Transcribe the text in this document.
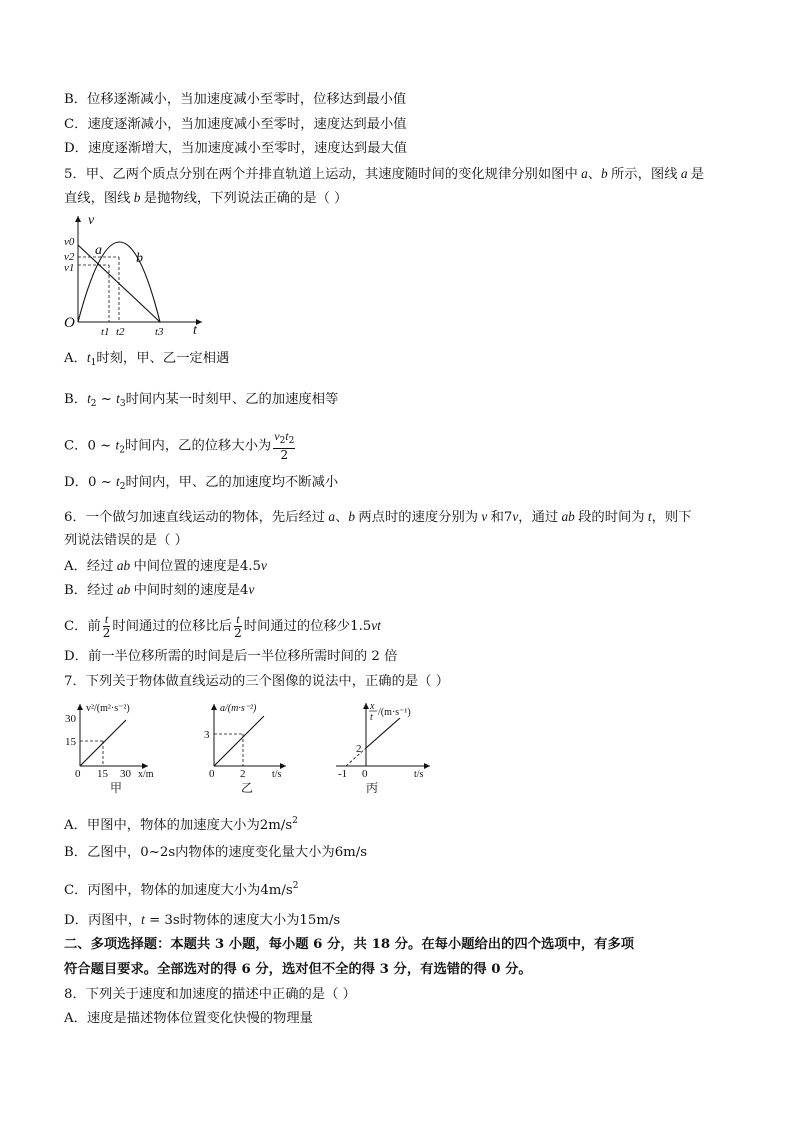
B．位移逐渐减小，当加速度减小至零时，位移达到最小值
C．速度逐渐减小，当加速度减小至零时，速度达到最小值
D．速度逐渐增大，当加速度减小至零时，速度达到最大值
5．甲、乙两个质点分别在两个并排直轨道上运动，其速度随时间的变化规律分别如图中 a、b 所示，图线 a 是
直线，图线 b 是抛物线，下列说法正确的是（ ）
v
t
O
v0
v2
v1
t1 t2	t3
a
b
A．$t_1$时刻，甲、乙一定相遇
B．$t_2$ ~ $t_3$时间内某一时刻甲、乙的加速度相等
C．0 ~ $t_2$时间内，乙的位移大小为 $\frac{v_2t_2}{2}$
D．0 ~ $t_2$时间内，甲、乙的加速度均不断减小
6．一个做匀加速直线运动的物体，先后经过 a、b 两点时的速度分别为 v 和7v，通过 ab 段的时间为 t，则下
列说法错误的是（ ）
A．经过 ab 中间位置的速度是4.5v
B．经过 ab 中间时刻的速度是4v
C．前 $\frac{t}{2}$ 时间通过的位移比后 $\frac{t}{2}$ 时间通过的位移少1.5vt
D．前一半位移所需的时间是后一半位移所需时间的 2 倍
7．下列关于物体做直线运动的三个图像的说法中，正确的是（ ）
v²/(m²·s⁻²)
x/m
30
15
0 15 30
甲
a/(m·s⁻²)
t/s
3
0 2
乙
x
t /(m·s⁻¹)
t/s
2
-1 0
丙
A．甲图中，物体的加速度大小为$2m/s^2$
B．乙图中，0~2s内物体的速度变化量大小为6m/s
C．丙图中，物体的加速度大小为$4m/s^2$
D．丙图中，t = 3s时物体的速度大小为15m/s
二、多项选择题：本题共 3 小题，每小题 6 分，共 18 分。在每小题给出的四个选项中，有多项
符合题目要求。全部选对的得 6 分，选对但不全的得 3 分，有选错的得 0 分。
8．下列关于速度和加速度的描述中正确的是（ ）
A．速度是描述物体位置变化快慢的物理量
